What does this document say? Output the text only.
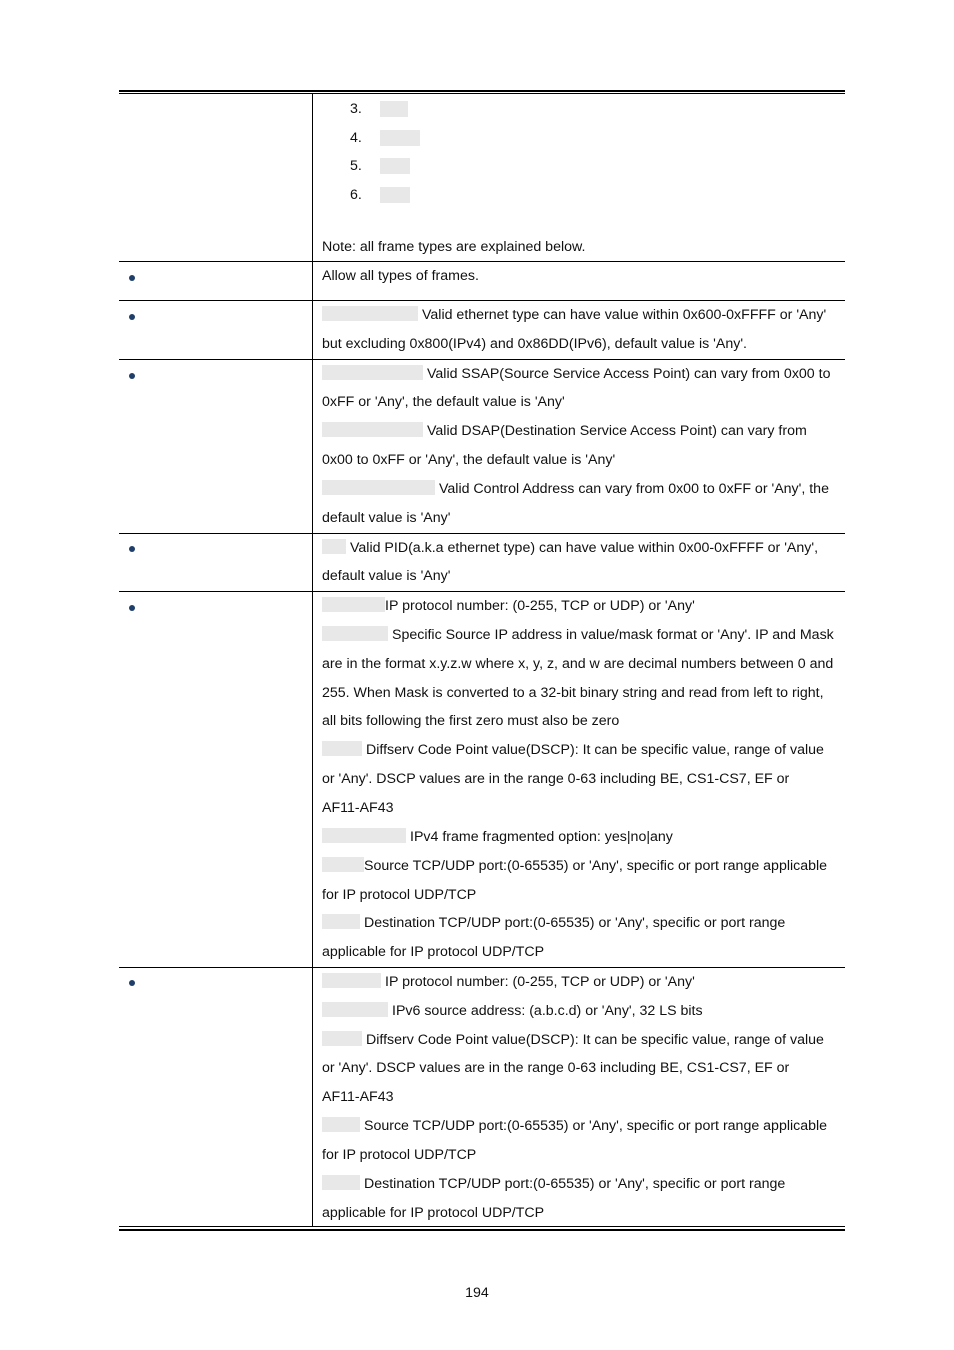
3.
4.
5.
6.
Note: all frame types are explained below.
Allow all types of frames.
Valid ethernet type can have value within 0x600-0xFFFF or 'Any'
but excluding 0x800(IPv4) and 0x86DD(IPv6), default value is 'Any'.
Valid SSAP(Source Service Access Point) can vary from 0x00 to
0xFF or 'Any', the default value is 'Any'
Valid DSAP(Destination Service Access Point) can vary from
0x00 to 0xFF or 'Any', the default value is 'Any'
Valid Control Address can vary from 0x00 to 0xFF or 'Any', the
default value is 'Any'
Valid PID(a.k.a ethernet type) can have value within 0x00-0xFFFF or 'Any',
default value is 'Any'
IP protocol number: (0-255, TCP or UDP) or 'Any'
Specific Source IP address in value/mask format or 'Any'. IP and Mask
are in the format x.y.z.w where x, y, z, and w are decimal numbers between 0 and
255. When Mask is converted to a 32-bit binary string and read from left to right,
all bits following the first zero must also be zero
Diffserv Code Point value(DSCP): It can be specific value, range of value
or 'Any'. DSCP values are in the range 0-63 including BE, CS1-CS7, EF or
AF11-AF43
IPv4 frame fragmented option: yes|no|any
Source TCP/UDP port:(0-65535) or 'Any', specific or port range applicable
for IP protocol UDP/TCP
Destination TCP/UDP port:(0-65535) or 'Any', specific or port range
applicable for IP protocol UDP/TCP
IP protocol number: (0-255, TCP or UDP) or 'Any'
IPv6 source address: (a.b.c.d) or 'Any', 32 LS bits
Diffserv Code Point value(DSCP): It can be specific value, range of value
or 'Any'. DSCP values are in the range 0-63 including BE, CS1-CS7, EF or
AF11-AF43
Source TCP/UDP port:(0-65535) or 'Any', specific or port range applicable
for IP protocol UDP/TCP
Destination TCP/UDP port:(0-65535) or 'Any', specific or port range
applicable for IP protocol UDP/TCP
194
